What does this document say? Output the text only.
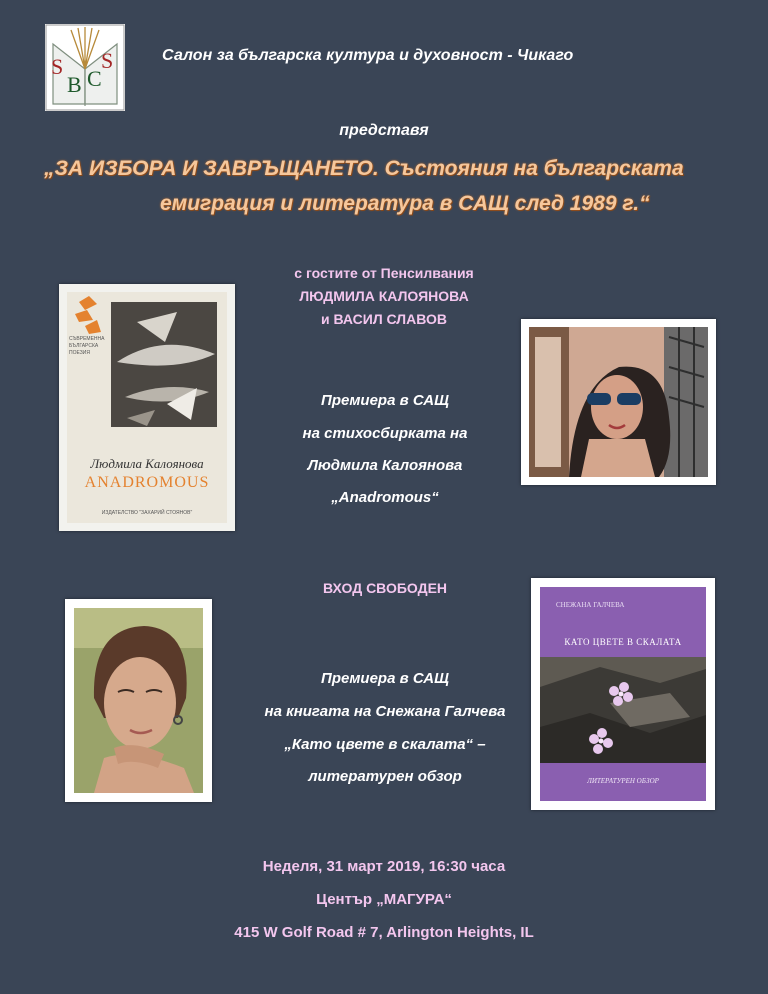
S
B C
S	Салон за българска култура и духовност - Чикаго
представя
„ЗА ИЗБОРА И ЗАВРЪЩАНЕТО. Състояния на българската
емиграция и литература в САЩ след 1989 г.“
с гостите от Пенсилвания
ЛЮДМИЛА КАЛОЯНОВА
и ВАСИЛ СЛАВОВ
СЪВРЕМЕННА БЪЛГАРСКА ПОЕЗИЯ
Людмила Калоянова
ANADROMOUS
ИЗДАТЕЛСТВО "ЗАХАРИЙ СТОЯНОВ"
Премиера в САЩ
на стихосбирката на
Людмила Калоянова
„Anadromous“
ВХОД СВОБОДЕН
СНЕЖАНА ГАЛЧЕВА
КАТО ЦВЕТЕ В СКАЛАТА
ЛИТЕРАТУРЕН ОБЗОР
Премиера в САЩ
на книгата на Снежана Галчева
„Като цвете в скалата“ –
литературен обзор
Неделя, 31 март 2019, 16:30 часа
Център „МАГУРА“
415 W Golf Road # 7, Arlington Heights, IL
